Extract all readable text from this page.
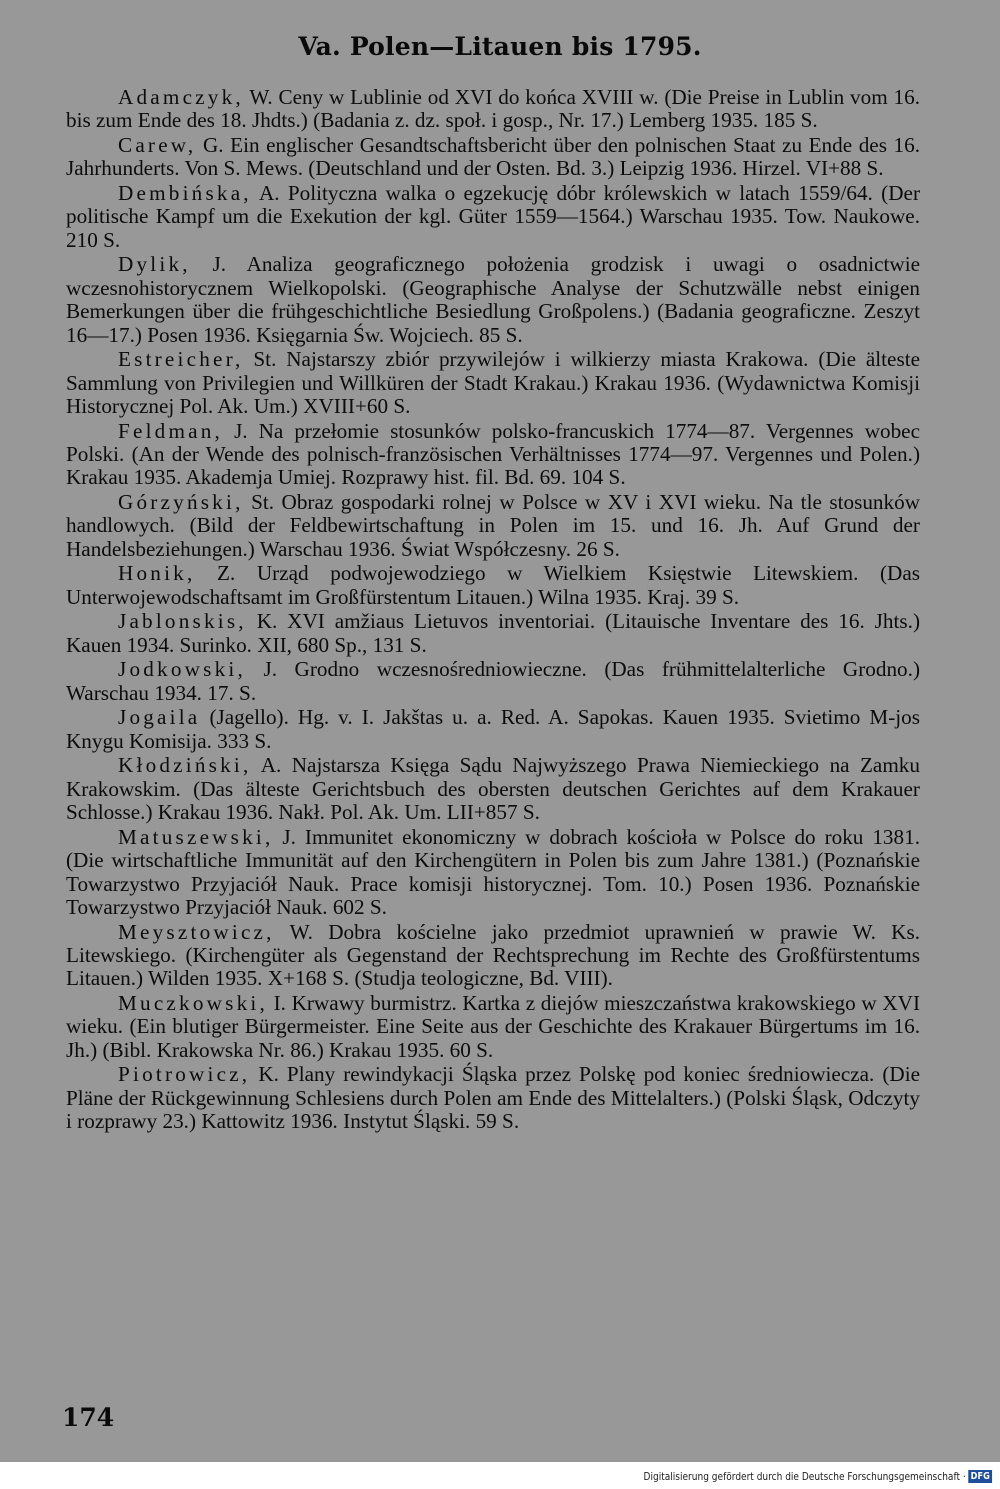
Va. Polen—Litauen bis 1795.

Adamczyk, W. Ceny w Lublinie od XVI do końca XVIII w. (Die Preise in Lublin vom 16. bis zum Ende des 18. Jhdts.) (Badania z. dz. społ. i gosp., Nr. 17.) Lemberg 1935. 185 S.

Carew, G. Ein englischer Gesandtschaftsbericht über den polnischen Staat zu Ende des 16. Jahrhunderts. Von S. Mews. (Deutschland und der Osten. Bd. 3.) Leipzig 1936. Hirzel. VI+88 S.

Dembińska, A. Polityczna walka o egzekucję dóbr królewskich w latach 1559/64. (Der politische Kampf um die Exekution der kgl. Güter 1559—1564.) Warschau 1935. Tow. Naukowe. 210 S.

Dylik, J. Analiza geograficznego położenia grodzisk i uwagi o osadnictwie wczesnohistorycznem Wielkopolski. (Geographische Analyse der Schutzwälle nebst einigen Bemerkungen über die frühgeschichtliche Besiedlung Großpolens.) (Badania geograficzne. Zeszyt 16—17.) Posen 1936. Księgarnia Św. Wojciech. 85 S.

Estreicher, St. Najstarszy zbiór przywilejów i wilkierzy miasta Krakowa. (Die älteste Sammlung von Privilegien und Willküren der Stadt Krakau.) Krakau 1936. (Wydawnictwa Komisji Historycznej Pol. Ak. Um.) XVIII+60 S.

Feldman, J. Na przełomie stosunków polsko-francuskich 1774—87. Vergennes wobec Polski. (An der Wende des polnisch-französischen Verhältnisses 1774—97. Vergennes und Polen.) Krakau 1935. Akademja Umiej. Rozprawy hist. fil. Bd. 69. 104 S.

Górzyński, St. Obraz gospodarki rolnej w Polsce w XV i XVI wieku. Na tle stosunków handlowych. (Bild der Feldbewirtschaftung in Polen im 15. und 16. Jh. Auf Grund der Handelsbeziehungen.) Warschau 1936. Świat Współczesny. 26 S.

Honik, Z. Urząd podwojewodziego w Wielkiem Księstwie Litewskiem. (Das Unterwojewodschaftsamt im Großfürstentum Litauen.) Wilna 1935. Kraj. 39 S.

Jablonskis, K. XVI amžiaus Lietuvos inventoriai. (Litauische Inventare des 16. Jhts.) Kauen 1934. Surinko. XII, 680 Sp., 131 S.

Jodkowski, J. Grodno wczesnośredniowieczne. (Das frühmittelalterliche Grodno.) Warschau 1934. 17. S.

Jogaila (Jagello). Hg. v. I. Jakštas u. a. Red. A. Sapokas. Kauen 1935. Svietimo M-jos Knygu Komisija. 333 S.

Kłodziński, A. Najstarsza Księga Sądu Najwyższego Prawa Niemieckiego na Zamku Krakowskim. (Das älteste Gerichtsbuch des obersten deutschen Gerichtes auf dem Krakauer Schlosse.) Krakau 1936. Nakł. Pol. Ak. Um. LII+857 S.

Matuszewski, J. Immunitet ekonomiczny w dobrach kościoła w Polsce do roku 1381. (Die wirtschaftliche Immunität auf den Kirchengütern in Polen bis zum Jahre 1381.) (Poznańskie Towarzystwo Przyjaciół Nauk. Prace komisji historycznej. Tom. 10.) Posen 1936. Poznańskie Towarzystwo Przyjaciół Nauk. 602 S.

Meysztowicz, W. Dobra kościelne jako przedmiot uprawnień w prawie W. Ks. Litewskiego. (Kirchengüter als Gegenstand der Rechtsprechung im Rechte des Großfürstentums Litauen.) Wilden 1935. X+168 S. (Studja teologiczne, Bd. VIII).

Muczkowski, I. Krwawy burmistrz. Kartka z diejów mieszczaństwa krakowskiego w XVI wieku. (Ein blutiger Bürgermeister. Eine Seite aus der Geschichte des Krakauer Bürgertums im 16. Jh.) (Bibl. Krakowska Nr. 86.) Krakau 1935. 60 S.

Piotrowicz, K. Plany rewindykacji Śląska przez Polskę pod koniec średniowiecza. (Die Pläne der Rückgewinnung Schlesiens durch Polen am Ende des Mittelalters.) (Polski Śląsk, Odczyty i rozprawy 23.) Kattowitz 1936. Instytut Śląski. 59 S.

174
Digitalisierung gefördert durch die Deutsche Forschungsgemeinschaft · DFG
